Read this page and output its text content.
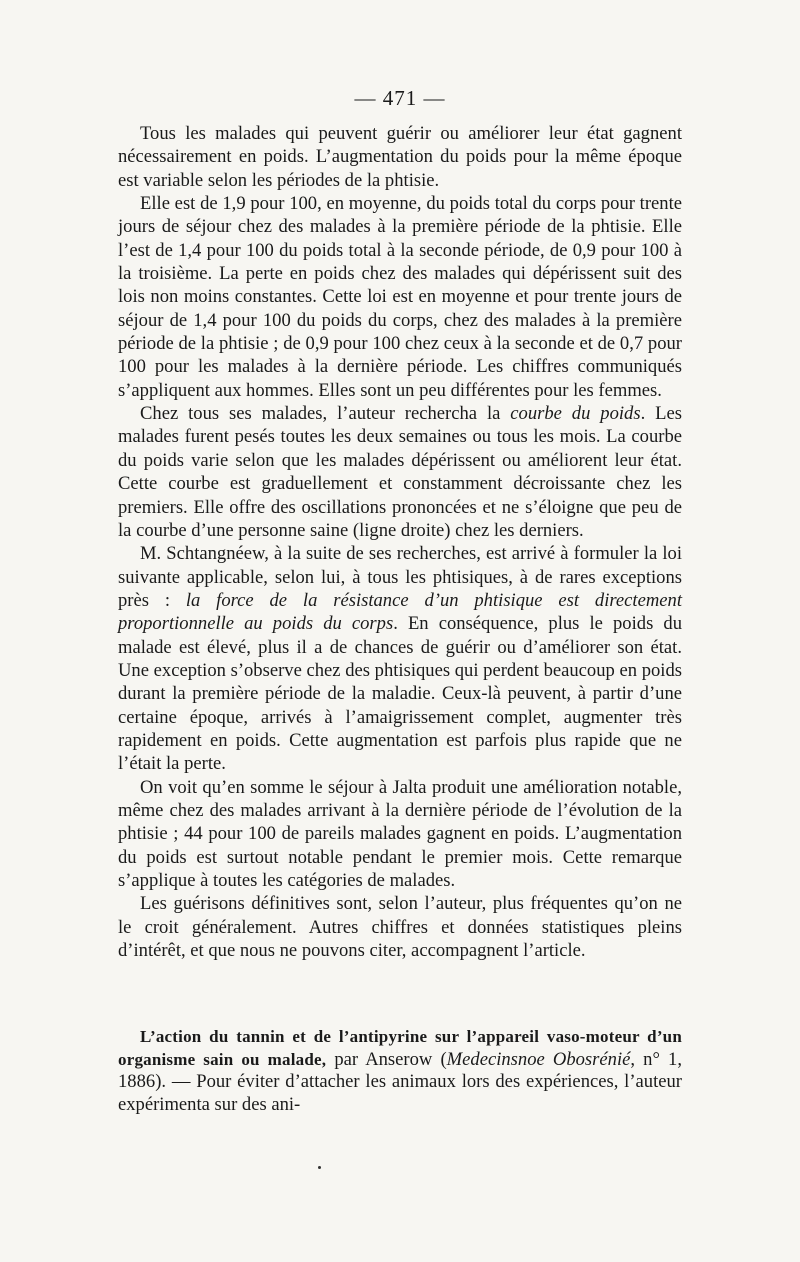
— 471 —

Tous les malades qui peuvent guérir ou améliorer leur état gagnent nécessairement en poids. L’augmentation du poids pour la même époque est variable selon les périodes de la phtisie.

Elle est de 1,9 pour 100, en moyenne, du poids total du corps pour trente jours de séjour chez des malades à la première période de la phtisie. Elle l’est de 1,4 pour 100 du poids total à la seconde période, de 0,9 pour 100 à la troisième. La perte en poids chez des malades qui dépérissent suit des lois non moins constantes. Cette loi est en moyenne et pour trente jours de séjour de 1,4 pour 100 du poids du corps, chez des malades à la première période de la phtisie ; de 0,9 pour 100 chez ceux à la seconde et de 0,7 pour 100 pour les malades à la dernière période. Les chiffres communiqués s’appliquent aux hommes. Elles sont un peu différentes pour les femmes.

Chez tous ses malades, l’auteur rechercha la courbe du poids. Les malades furent pesés toutes les deux semaines ou tous les mois. La courbe du poids varie selon que les malades dépérissent ou améliorent leur état. Cette courbe est graduellement et constamment décroissante chez les premiers. Elle offre des oscillations prononcées et ne s’éloigne que peu de la courbe d’une personne saine (ligne droite) chez les derniers.

M. Schtangnéew, à la suite de ses recherches, est arrivé à formuler la loi suivante applicable, selon lui, à tous les phtisiques, à de rares exceptions près : la force de la résistance d’un phtisique est directement proportionnelle au poids du corps. En conséquence, plus le poids du malade est élevé, plus il a de chances de guérir ou d’améliorer son état. Une exception s’observe chez des phtisiques qui perdent beaucoup en poids durant la première période de la maladie. Ceux-là peuvent, à partir d’une certaine époque, arrivés à l’amaigrissement complet, augmenter très rapidement en poids. Cette augmentation est parfois plus rapide que ne l’était la perte.

On voit qu’en somme le séjour à Jalta produit une amélioration notable, même chez des malades arrivant à la dernière période de l’évolution de la phtisie ; 44 pour 100 de pareils malades gagnent en poids. L’augmentation du poids est surtout notable pendant le premier mois. Cette remarque s’applique à toutes les catégories de malades.

Les guérisons définitives sont, selon l’auteur, plus fréquentes qu’on ne le croit généralement. Autres chiffres et données statistiques pleins d’intérêt, et que nous ne pouvons citer, accompagnent l’article.

L’action du tannin et de l’antipyrine sur l’appareil vaso-moteur d’un organisme sain ou malade, par Anserow (Medecinsnoe Obosrénié, n° 1, 1886). — Pour éviter d’attacher les animaux lors des expériences, l’auteur expérimenta sur des ani-
